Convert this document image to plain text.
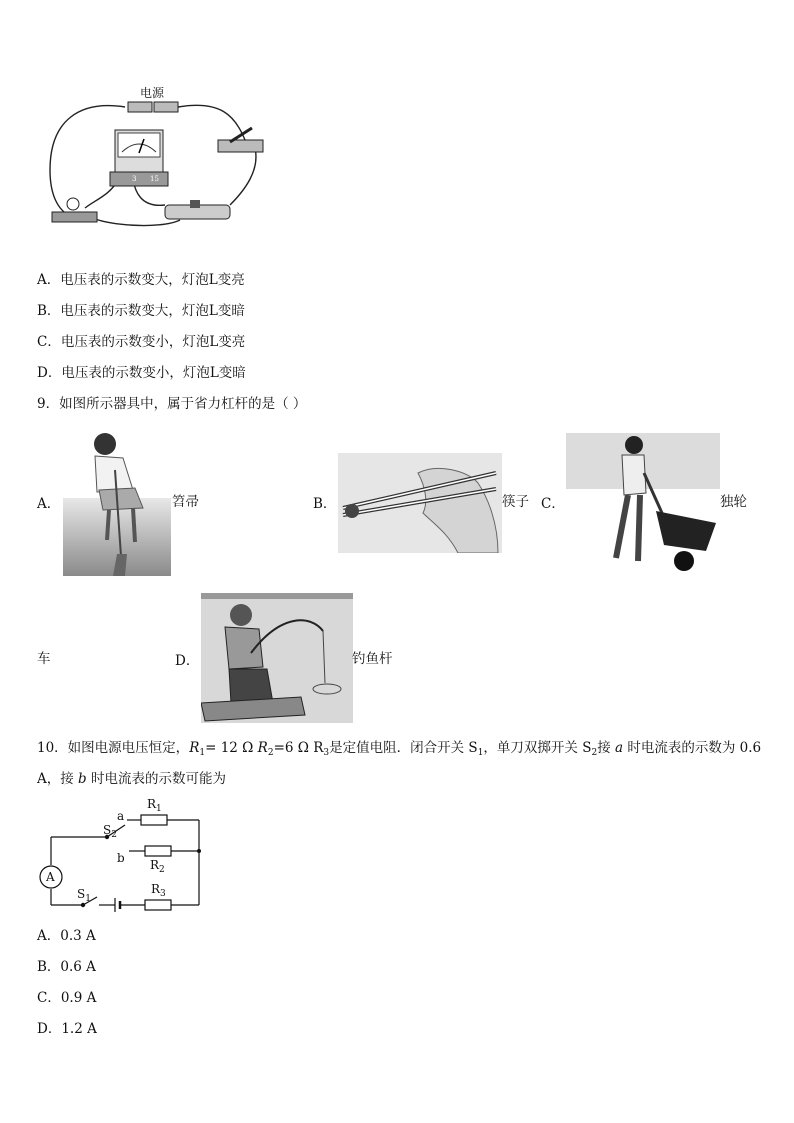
电源
3 15
A．电压表的示数变大，灯泡L变亮
B．电压表的示数变大，灯泡L变暗
C．电压表的示数变小，灯泡L变亮
D．电压表的示数变小，灯泡L变暗
9．如图所示器具中，属于省力杠杆的是（ ）
A．	笤帚	B．	筷子 C．	独轮
车	D．	钓鱼杆
10．如图电源电压恒定，$R_1= 12$ Ω $R_2=6$ Ω $R_3$是定值电阻．闭合开关 $S_1$，单刀双掷开关 $S_2$接 a 时电流表的示数为 0.6
A，接 b 时电流表的示数可能为
A
a
b
$R_1$
$R_2$
$R_3$
$S_2$
$S_1$
A．0.3 A
B．0.6 A
C．0.9 A
D．1.2 A
